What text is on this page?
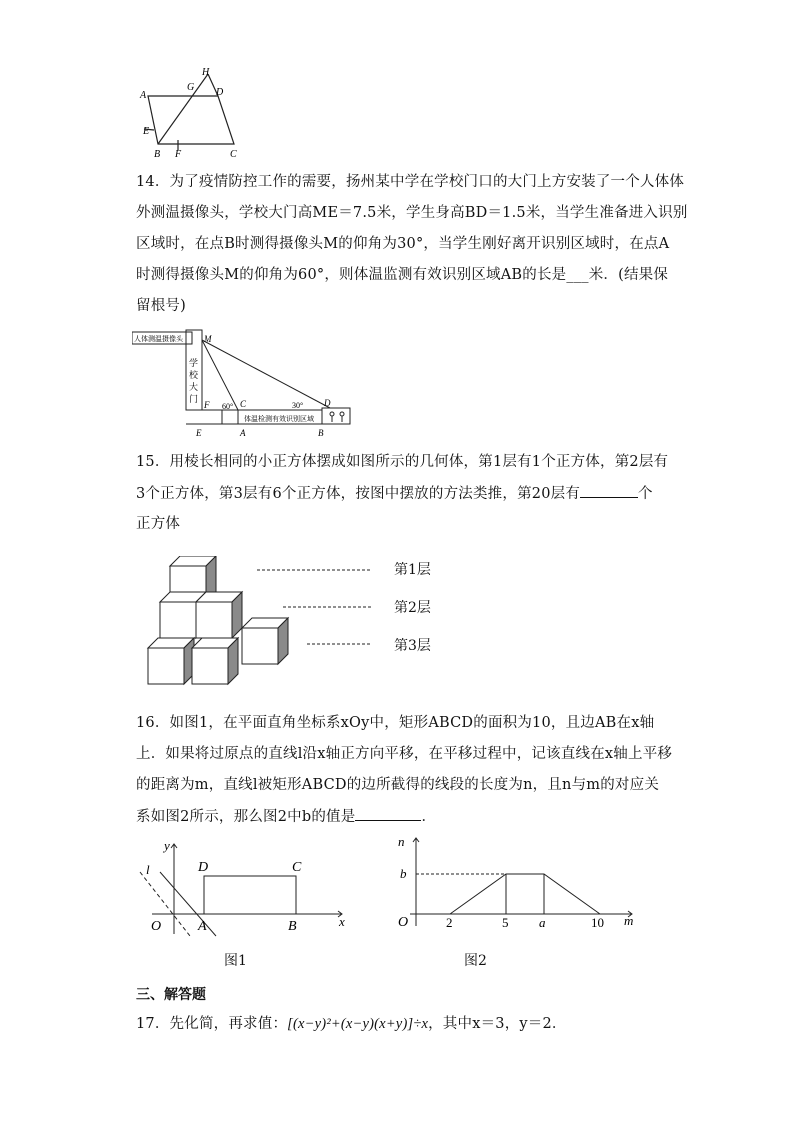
H
G D
A
E
B F	C
14．为了疫情防控工作的需要，扬州某中学在学校门口的大门上方安装了一个人体体
外测温摄像头，学校大门高ME＝7.5米，学生身高BD＝1.5米，当学生准备进入识别
区域时，在点B时测得摄像头M的仰角为30°，当学生刚好离开识别区域时，在点A
时测得摄像头M的仰角为60°，则体温监测有效识别区域AB的长是___米．(结果保
留根号)
人体测温摄像头 M
学
校
大
门
F 60° C	30° D
体温检测有效识别区域
E	A	B
15．用棱长相同的小正方体摆成如图所示的几何体，第1层有1个正方体，第2层有
3个正方体，第3层有6个正方体，按图中摆放的方法类推，第20层有	个
正方体
第1层
第2层
第3层
16．如图1，在平面直角坐标系xOy中，矩形ABCD的面积为10，且边AB在x轴
上．如果将过原点的直线l沿x轴正方向平移，在平移过程中，记该直线在x轴上平移
的距离为m，直线l被矩形ABCD的边所截得的线段的长度为n，且n与m的对应关
系如图2所示，那么图2中b的值是	．
y
l	D	C
O	A	B	x
图1
n
b
O	2	5 a	10 m
图2
三、解答题
17．先化简，再求值：[(x−y)²+(x−y)(x+y)]÷x，其中x＝3，y＝2．
